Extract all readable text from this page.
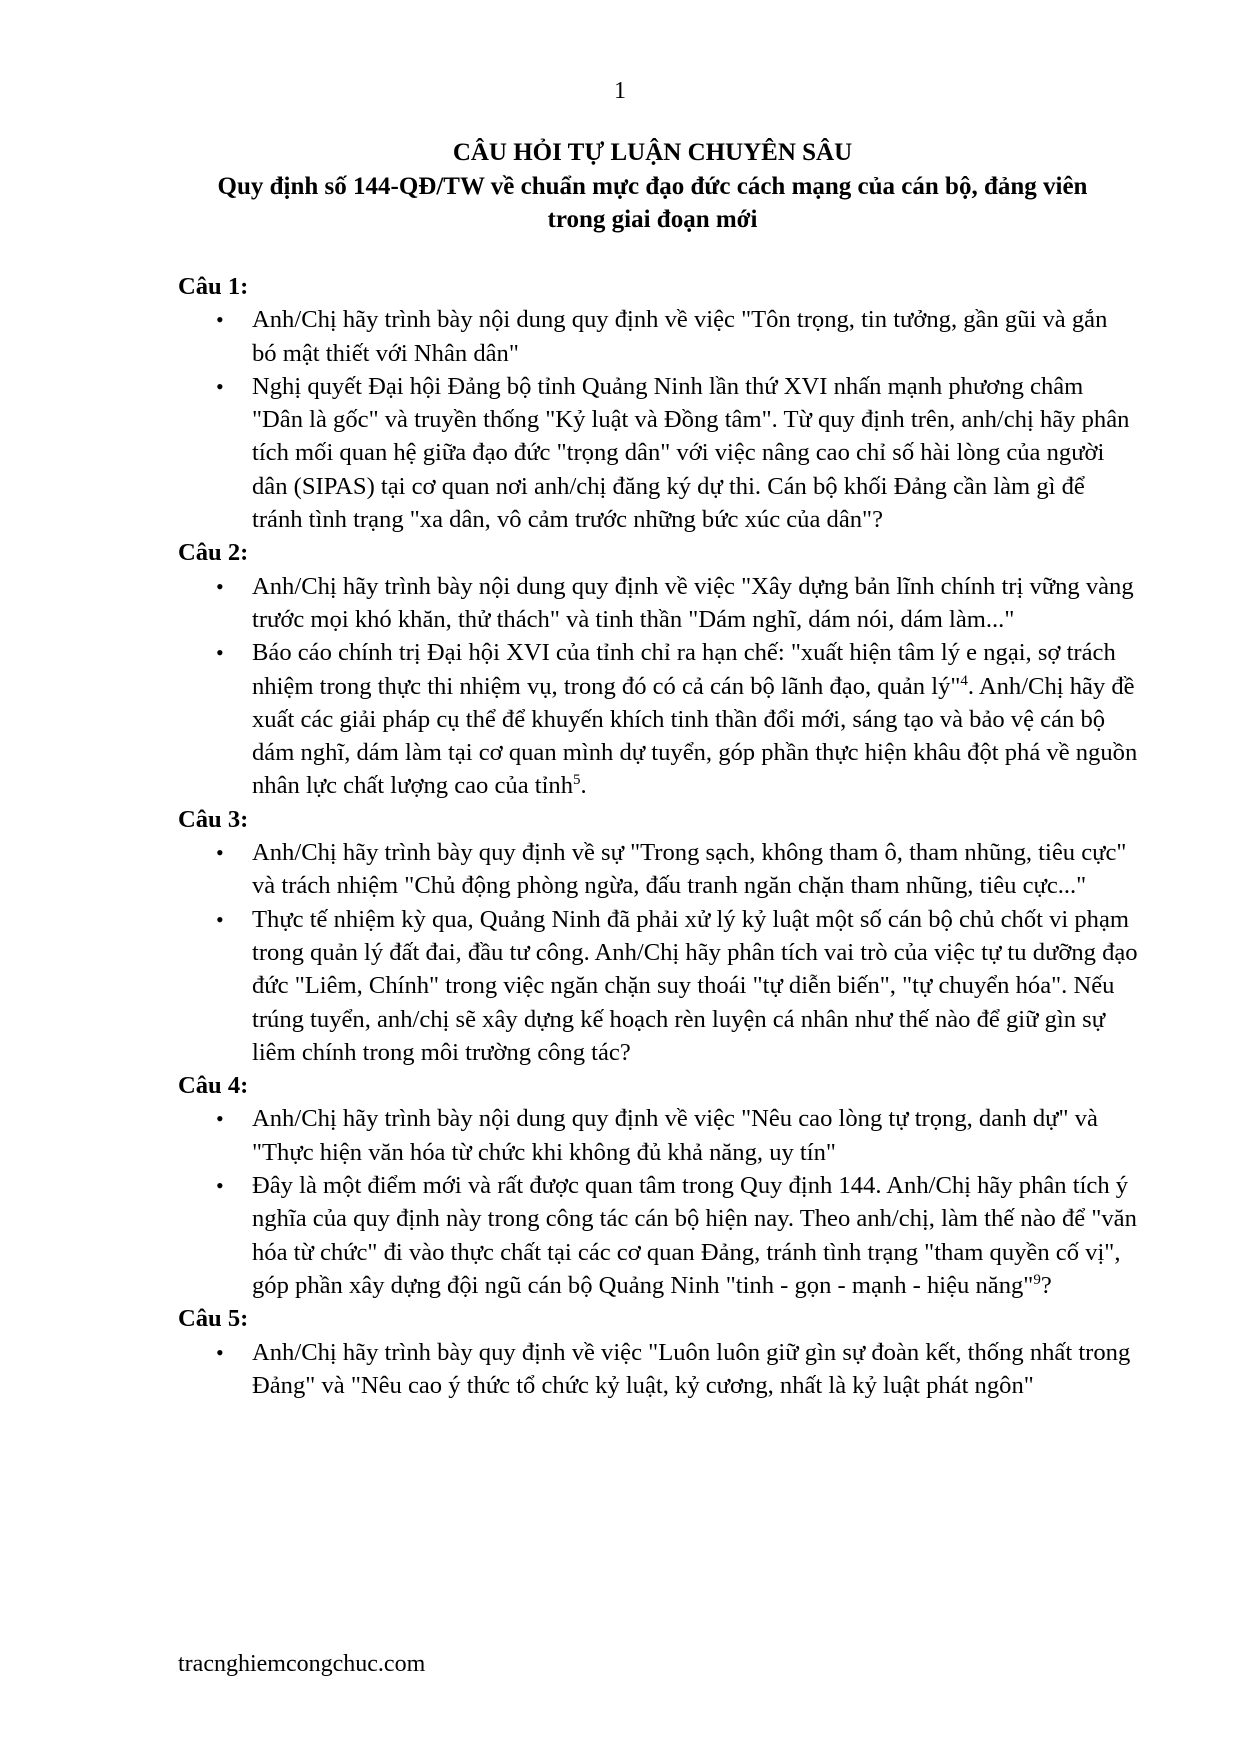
1
CÂU HỎI TỰ LUẬN CHUYÊN SÂU
Quy định số 144-QĐ/TW về chuẩn mực đạo đức cách mạng của cán bộ, đảng viên
trong giai đoạn mới

Câu 1:

• Anh/Chị hãy trình bày nội dung quy định về việc "Tôn trọng, tin tưởng, gần gũi và gắn bó mật thiết với Nhân dân"
• Nghị quyết Đại hội Đảng bộ tỉnh Quảng Ninh lần thứ XVI nhấn mạnh phương châm "Dân là gốc" và truyền thống "Kỷ luật và Đồng tâm". Từ quy định trên, anh/chị hãy phân tích mối quan hệ giữa đạo đức "trọng dân" với việc nâng cao chỉ số hài lòng của người dân (SIPAS) tại cơ quan nơi anh/chị đăng ký dự thi. Cán bộ khối Đảng cần làm gì để tránh tình trạng "xa dân, vô cảm trước những bức xúc của dân"?

Câu 2:

• Anh/Chị hãy trình bày nội dung quy định về việc "Xây dựng bản lĩnh chính trị vững vàng trước mọi khó khăn, thử thách" và tinh thần "Dám nghĩ, dám nói, dám làm..."
• Báo cáo chính trị Đại hội XVI của tỉnh chỉ ra hạn chế: "xuất hiện tâm lý e ngại, sợ trách nhiệm trong thực thi nhiệm vụ, trong đó có cả cán bộ lãnh đạo, quản lý"$^4$. Anh/Chị hãy đề xuất các giải pháp cụ thể để khuyến khích tinh thần đổi mới, sáng tạo và bảo vệ cán bộ dám nghĩ, dám làm tại cơ quan mình dự tuyển, góp phần thực hiện khâu đột phá về nguồn nhân lực chất lượng cao của tỉnh$^5$.

Câu 3:

• Anh/Chị hãy trình bày quy định về sự "Trong sạch, không tham ô, tham nhũng, tiêu cực" và trách nhiệm "Chủ động phòng ngừa, đấu tranh ngăn chặn tham nhũng, tiêu cực..."
• Thực tế nhiệm kỳ qua, Quảng Ninh đã phải xử lý kỷ luật một số cán bộ chủ chốt vi phạm trong quản lý đất đai, đầu tư công. Anh/Chị hãy phân tích vai trò của việc tự tu dưỡng đạo đức "Liêm, Chính" trong việc ngăn chặn suy thoái "tự diễn biến", "tự chuyển hóa". Nếu trúng tuyển, anh/chị sẽ xây dựng kế hoạch rèn luyện cá nhân như thế nào để giữ gìn sự liêm chính trong môi trường công tác?

Câu 4:

• Anh/Chị hãy trình bày nội dung quy định về việc "Nêu cao lòng tự trọng, danh dự" và "Thực hiện văn hóa từ chức khi không đủ khả năng, uy tín"
• Đây là một điểm mới và rất được quan tâm trong Quy định 144. Anh/Chị hãy phân tích ý nghĩa của quy định này trong công tác cán bộ hiện nay. Theo anh/chị, làm thế nào để "văn hóa từ chức" đi vào thực chất tại các cơ quan Đảng, tránh tình trạng "tham quyền cố vị", góp phần xây dựng đội ngũ cán bộ Quảng Ninh "tinh - gọn - mạnh - hiệu năng"$^9$?

Câu 5:

• Anh/Chị hãy trình bày quy định về việc "Luôn luôn giữ gìn sự đoàn kết, thống nhất trong Đảng" và "Nêu cao ý thức tổ chức kỷ luật, kỷ cương, nhất là kỷ luật phát ngôn"
tracnghiemcongchuc.com
